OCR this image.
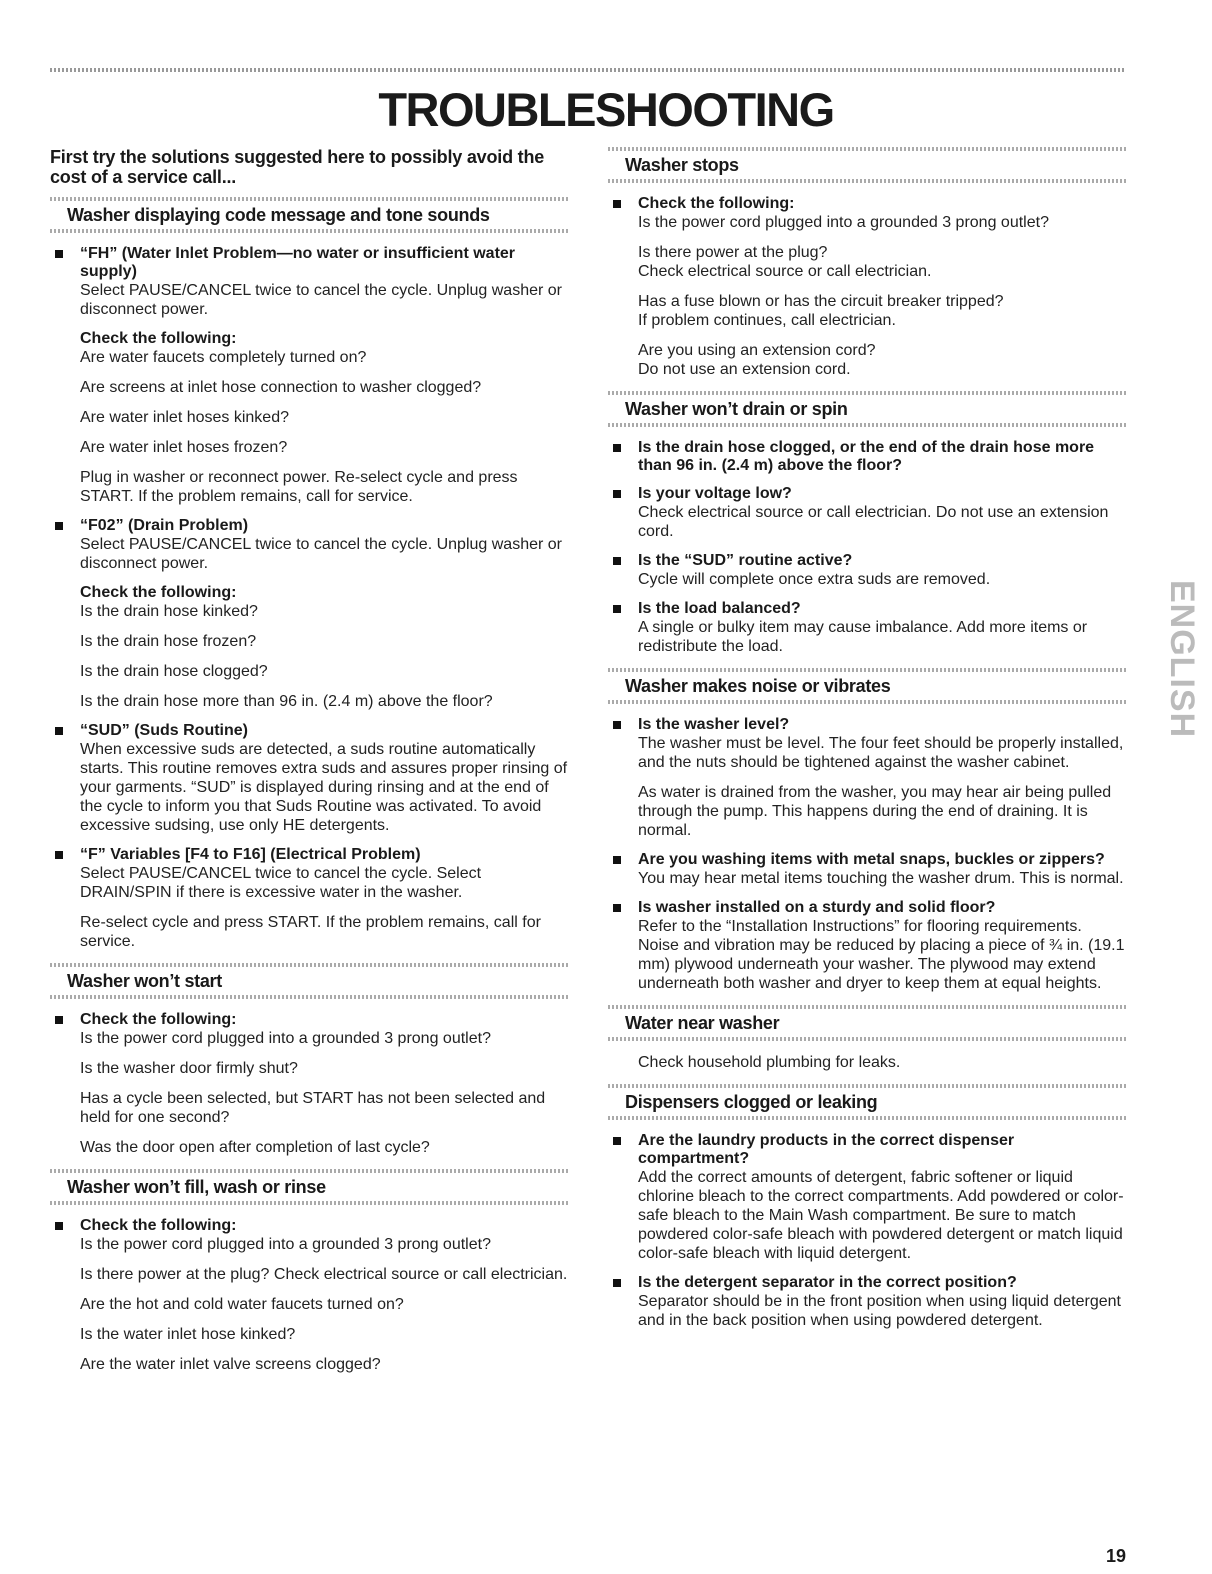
TROUBLESHOOTING
First try the solutions suggested here to possibly avoid the cost of a service call...
Washer displaying code message and tone sounds
“FH” (Water Inlet Problem—no water or insufficient water supply)
Select PAUSE/CANCEL twice to cancel the cycle. Unplug washer or disconnect power.
Check the following:
Are water faucets completely turned on?
Are screens at inlet hose connection to washer clogged?
Are water inlet hoses kinked?
Are water inlet hoses frozen?
Plug in washer or reconnect power. Re-select cycle and press START. If the problem remains, call for service.
“F02” (Drain Problem)
Select PAUSE/CANCEL twice to cancel the cycle. Unplug washer or disconnect power.
Check the following:
Is the drain hose kinked?
Is the drain hose frozen?
Is the drain hose clogged?
Is the drain hose more than 96 in. (2.4 m) above the floor?
“SUD” (Suds Routine)
When excessive suds are detected, a suds routine automatically starts. This routine removes extra suds and assures proper rinsing of your garments. “SUD” is displayed during rinsing and at the end of the cycle to inform you that Suds Routine was activated. To avoid excessive sudsing, use only HE detergents.
“F” Variables [F4 to F16] (Electrical Problem)
Select PAUSE/CANCEL twice to cancel the cycle. Select DRAIN/SPIN if there is excessive water in the washer.
Re-select cycle and press START. If the problem remains, call for service.
Washer won’t start
Check the following:
Is the power cord plugged into a grounded 3 prong outlet?
Is the washer door firmly shut?
Has a cycle been selected, but START has not been selected and held for one second?
Was the door open after completion of last cycle?
Washer won’t fill, wash or rinse
Check the following:
Is the power cord plugged into a grounded 3 prong outlet?
Is there power at the plug? Check electrical source or call electrician.
Are the hot and cold water faucets turned on?
Is the water inlet hose kinked?
Are the water inlet valve screens clogged?
Washer stops
Check the following:
Is the power cord plugged into a grounded 3 prong outlet?
Is there power at the plug?
Check electrical source or call electrician.
Has a fuse blown or has the circuit breaker tripped?
If problem continues, call electrician.
Are you using an extension cord?
Do not use an extension cord.
Washer won’t drain or spin
Is the drain hose clogged, or the end of the drain hose more than 96 in. (2.4 m) above the floor?
Is your voltage low?
Check electrical source or call electrician. Do not use an extension cord.
Is the “SUD” routine active?
Cycle will complete once extra suds are removed.
Is the load balanced?
A single or bulky item may cause imbalance. Add more items or redistribute the load.
Washer makes noise or vibrates
Is the washer level?
The washer must be level. The four feet should be properly installed, and the nuts should be tightened against the washer cabinet.
As water is drained from the washer, you may hear air being pulled through the pump. This happens during the end of draining. It is normal.
Are you washing items with metal snaps, buckles or zippers?
You may hear metal items touching the washer drum. This is normal.
Is washer installed on a sturdy and solid floor?
Refer to the “Installation Instructions” for flooring requirements. Noise and vibration may be reduced by placing a piece of ¾ in. (19.1 mm) plywood underneath your washer. The plywood may extend underneath both washer and dryer to keep them at equal heights.
Water near washer
Check household plumbing for leaks.
Dispensers clogged or leaking
Are the laundry products in the correct dispenser compartment?
Add the correct amounts of detergent, fabric softener or liquid chlorine bleach to the correct compartments. Add powdered or color-safe bleach to the Main Wash compartment. Be sure to match powdered color-safe bleach with powdered detergent or match liquid color-safe bleach with liquid detergent.
Is the detergent separator in the correct position?
Separator should be in the front position when using liquid detergent and in the back position when using powdered detergent.
ENGLISH
19
